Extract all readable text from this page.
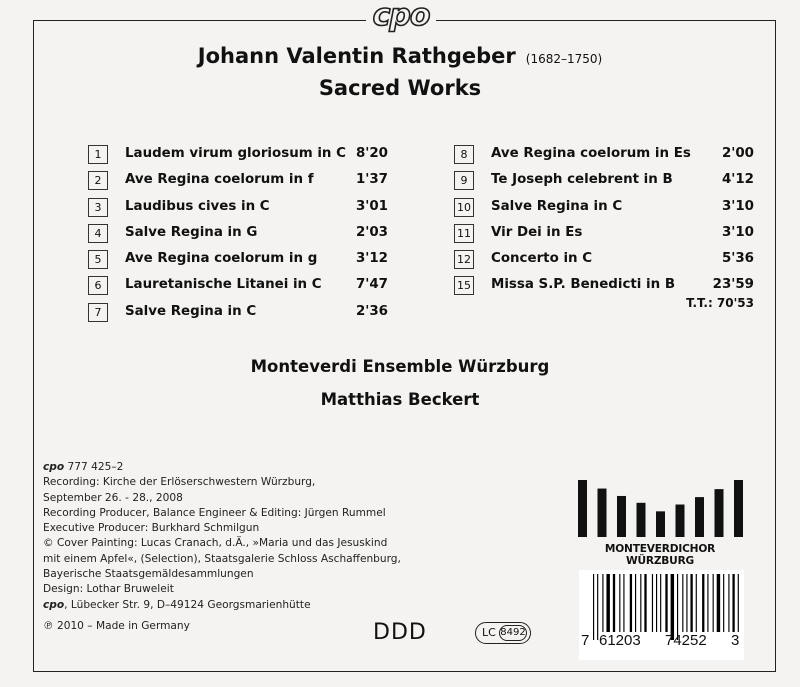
cpo
Johann Valentin Rathgeber (1682–1750)
Sacred Works
1	Laudem virum gloriosum in C 8'20
2	Ave Regina coelorum in f	1'37
3	Laudibus cives in C	3'01
4	Salve Regina in G	2'03
5	Ave Regina coelorum in g	3'12
6	Lauretanische Litanei in C	7'47
7	Salve Regina in C	2'36
8	Ave Regina coelorum in Es 2'00
9	Te Joseph celebrent in B	4'12
10 Salve Regina in C	3'10
11 Vir Dei in Es	3'10
12 Concerto in C	5'36
15 Missa S.P. Benedicti in B	23'59
T.T.: 70'53
Monteverdi Ensemble Würzburg
Matthias Beckert
cpo 777 425–2
Recording: Kirche der Erlöserschwestern Würzburg,
September 26. - 28., 2008
Recording Producer, Balance Engineer & Editing: Jürgen Rummel
Executive Producer: Burkhard Schmilgun
© Cover Painting: Lucas Cranach, d.Ä., »Maria und das Jesuskind
mit einem Apfel«, (Selection), Staatsgalerie Schloss Aschaffenburg,
Bayerische Staatsgemäldesammlungen
Design: Lothar Bruweleit
cpo, Lübecker Str. 9, D–49124 Georgsmarienhütte
℗ 2010 – Made in Germany	DDD	LC 8492
MONTEVERDICHOR WÜRZBURG
7 61203 74252 3
